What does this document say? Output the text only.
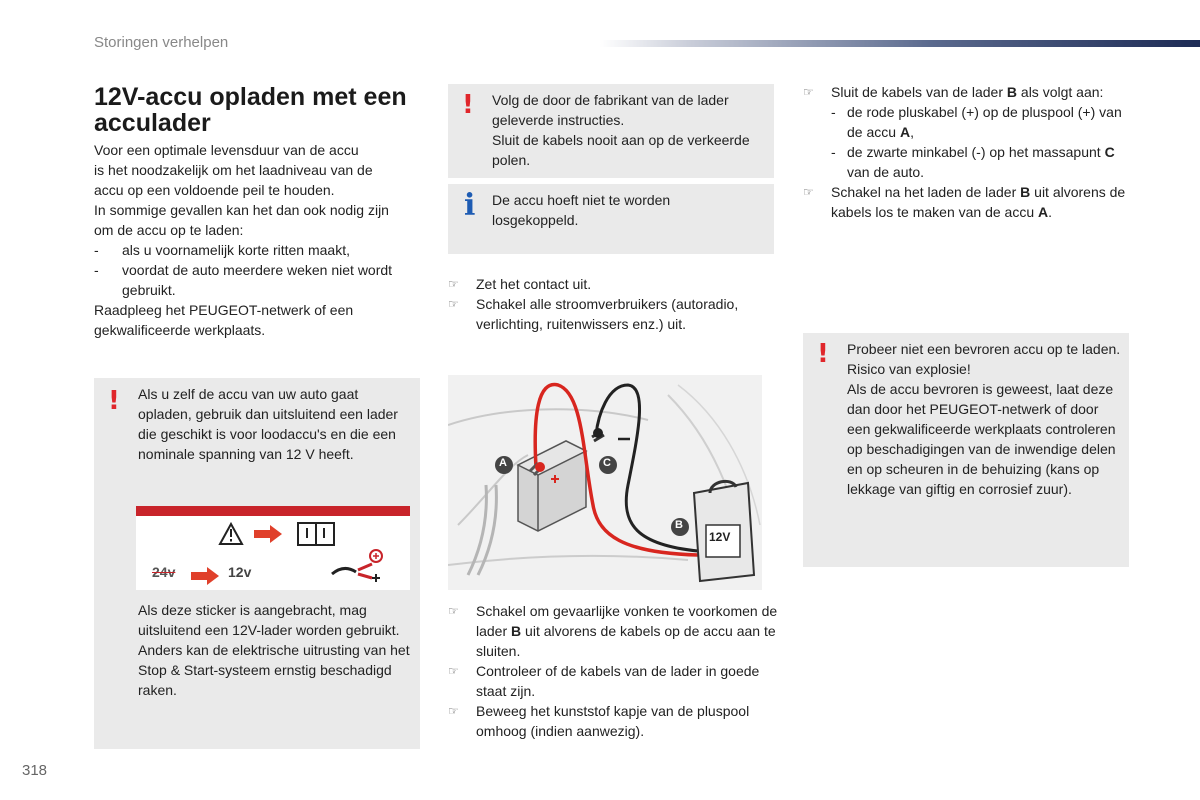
Storingen verhelpen
12V-accu opladen met een acculader
Voor een optimale levensduur van de accu
is het noodzakelijk om het laadniveau van de
accu op een voldoende peil te houden.
In sommige gevallen kan het dan ook nodig zijn
om de accu op te laden:
- als u voornamelijk korte ritten maakt,
- voordat de auto meerdere weken niet wordt gebruikt.
Raadpleeg het PEUGEOT-netwerk of een gekwalificeerde werkplaats.
! Als u zelf de accu van uw auto gaat opladen, gebruik dan uitsluitend een lader die geschikt is voor loodaccu's en die een nominale spanning van 12 V heeft.
24v	12v
Als deze sticker is aangebracht, mag uitsluitend een 12V-lader worden gebruikt. Anders kan de elektrische uitrusting van het Stop & Start-systeem ernstig beschadigd raken.
! Volg de door de fabrikant van de lader geleverde instructies.
Sluit de kabels nooit aan op de verkeerde polen.
i De accu hoeft niet te worden losgekoppeld.
☞ Zet het contact uit.
☞ Schakel alle stroomverbruikers (autoradio, verlichting, ruitenwissers enz.) uit.
A
B
C
12V
☞ Schakel om gevaarlijke vonken te voorkomen de lader B uit alvorens de kabels op de accu aan te sluiten.
☞ Controleer of de kabels van de lader in goede staat zijn.
☞ Beweeg het kunststof kapje van de pluspool omhoog (indien aanwezig).
☞ Sluit de kabels van de lader B als volgt aan:
- de rode pluskabel (+) op de pluspool (+) van de accu A,
- de zwarte minkabel (-) op het massapunt C van de auto.
☞ Schakel na het laden de lader B uit alvorens de kabels los te maken van de accu A.
! Probeer niet een bevroren accu op te laden. Risico van explosie!
Als de accu bevroren is geweest, laat deze dan door het PEUGEOT-netwerk of door een gekwalificeerde werkplaats controleren op beschadigingen van de inwendige delen en op scheuren in de behuizing (kans op lekkage van giftig en corrosief zuur).
318
